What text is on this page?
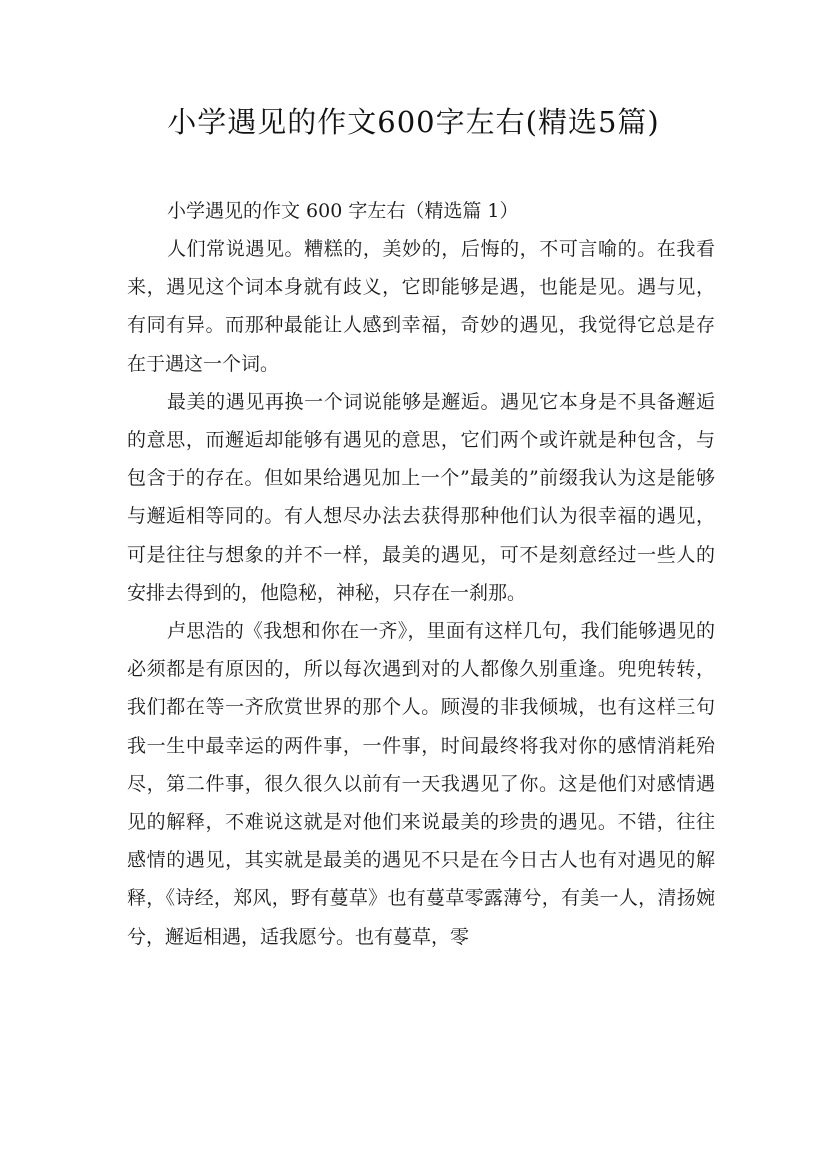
小学遇见的作文600字左右(精选5篇)

小学遇见的作文 600 字左右（精选篇 1）

人们常说遇见。糟糕的，美妙的，后悔的，不可言喻的。在我看来，遇见这个词本身就有歧义，它即能够是遇，也能是见。遇与见，有同有异。而那种最能让人感到幸福，奇妙的遇见，我觉得它总是存在于遇这一个词。

最美的遇见再换一个词说能够是邂逅。遇见它本身是不具备邂逅的意思，而邂逅却能够有遇见的意思，它们两个或许就是种包含，与包含于的存在。但如果给遇见加上一个”最美的”前缀我认为这是能够与邂逅相等同的。有人想尽办法去获得那种他们认为很幸福的遇见，可是往往与想象的并不一样，最美的遇见，可不是刻意经过一些人的安排去得到的，他隐秘，神秘，只存在一刹那。

卢思浩的《我想和你在一齐》，里面有这样几句，我们能够遇见的必须都是有原因的，所以每次遇到对的人都像久别重逢。兜兜转转，我们都在等一齐欣赏世界的那个人。顾漫的非我倾城，也有这样三句我一生中最幸运的两件事，一件事，时间最终将我对你的感情消耗殆尽，第二件事，很久很久以前有一天我遇见了你。这是他们对感情遇见的解释，不难说这就是对他们来说最美的珍贵的遇见。不错，往往感情的遇见，其实就是最美的遇见不只是在今日古人也有对遇见的解释，《诗经，郑风，野有蔓草》也有蔓草零露薄兮，有美一人，清扬婉兮，邂逅相遇，适我愿兮。也有蔓草，零
